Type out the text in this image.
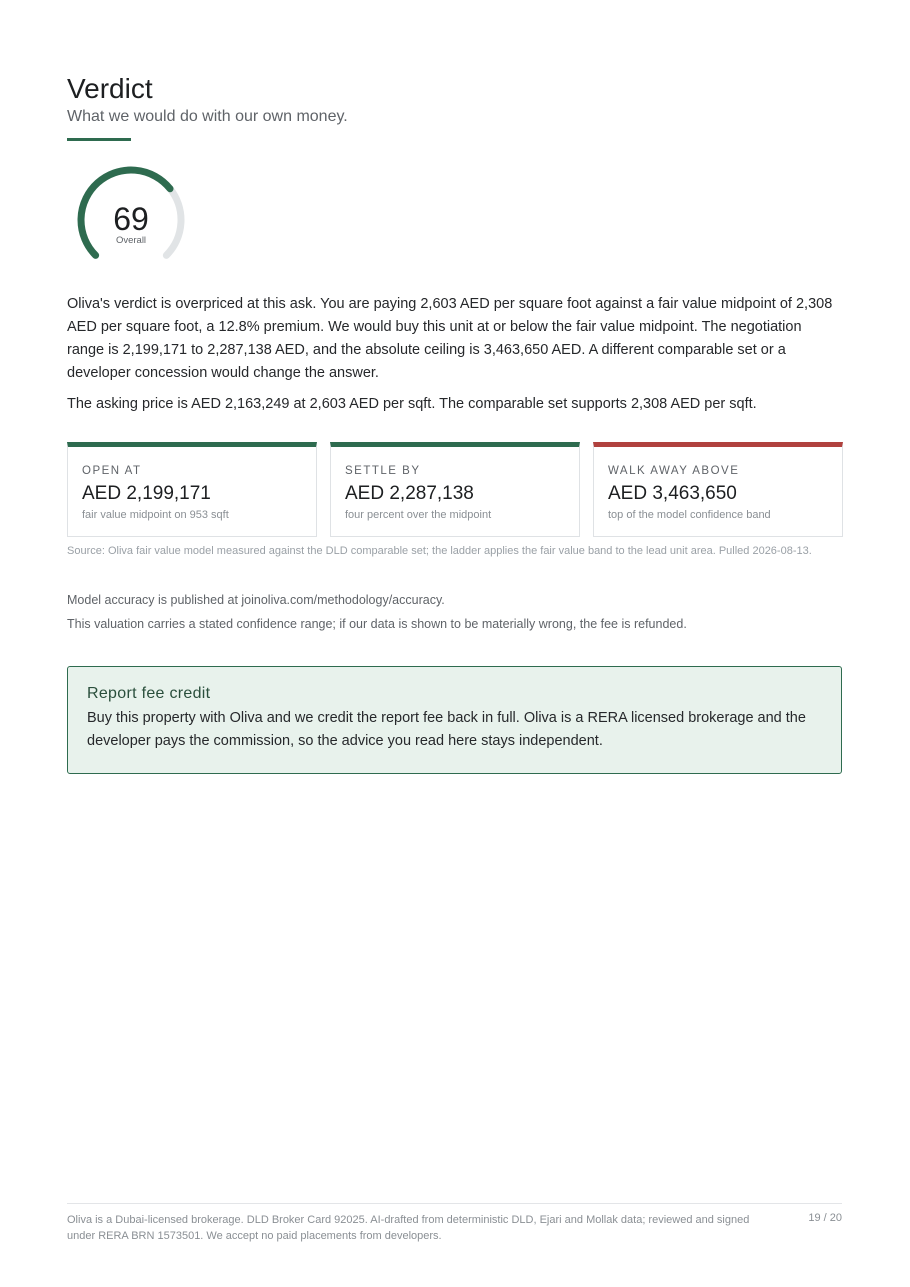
Verdict
What we would do with our own money.
69
Overall

Oliva's verdict is overpriced at this ask. You are paying 2,603 AED per square foot against a fair value midpoint of 2,308 AED per square foot, a 12.8% premium. We would buy this unit at or below the fair value midpoint. The negotiation range is 2,199,171 to 2,287,138 AED, and the absolute ceiling is 3,463,650 AED. A different comparable set or a developer concession would change the answer.

The asking price is AED 2,163,249 at 2,603 AED per sqft. The comparable set supports 2,308 AED per sqft.

OPEN AT
AED 2,199,171
fair value midpoint on 953 sqft
SETTLE BY
AED 2,287,138
four percent over the midpoint
WALK AWAY ABOVE
AED 3,463,650
top of the model confidence band
Source: Oliva fair value model measured against the DLD comparable set; the ladder applies the fair value band to the lead unit area. Pulled 2026-08-13.
Model accuracy is published at joinoliva.com/methodology/accuracy.
This valuation carries a stated confidence range; if our data is shown to be materially wrong, the fee is refunded.
Report fee credit
Buy this property with Oliva and we credit the report fee back in full. Oliva is a RERA licensed brokerage and the developer pays the commission, so the advice you read here stays independent.
Oliva is a Dubai-licensed brokerage. DLD Broker Card 92025. AI-drafted from deterministic DLD, Ejari and Mollak data; reviewed and signed under RERA BRN 1573501. We accept no paid placements from developers.
19 / 20
